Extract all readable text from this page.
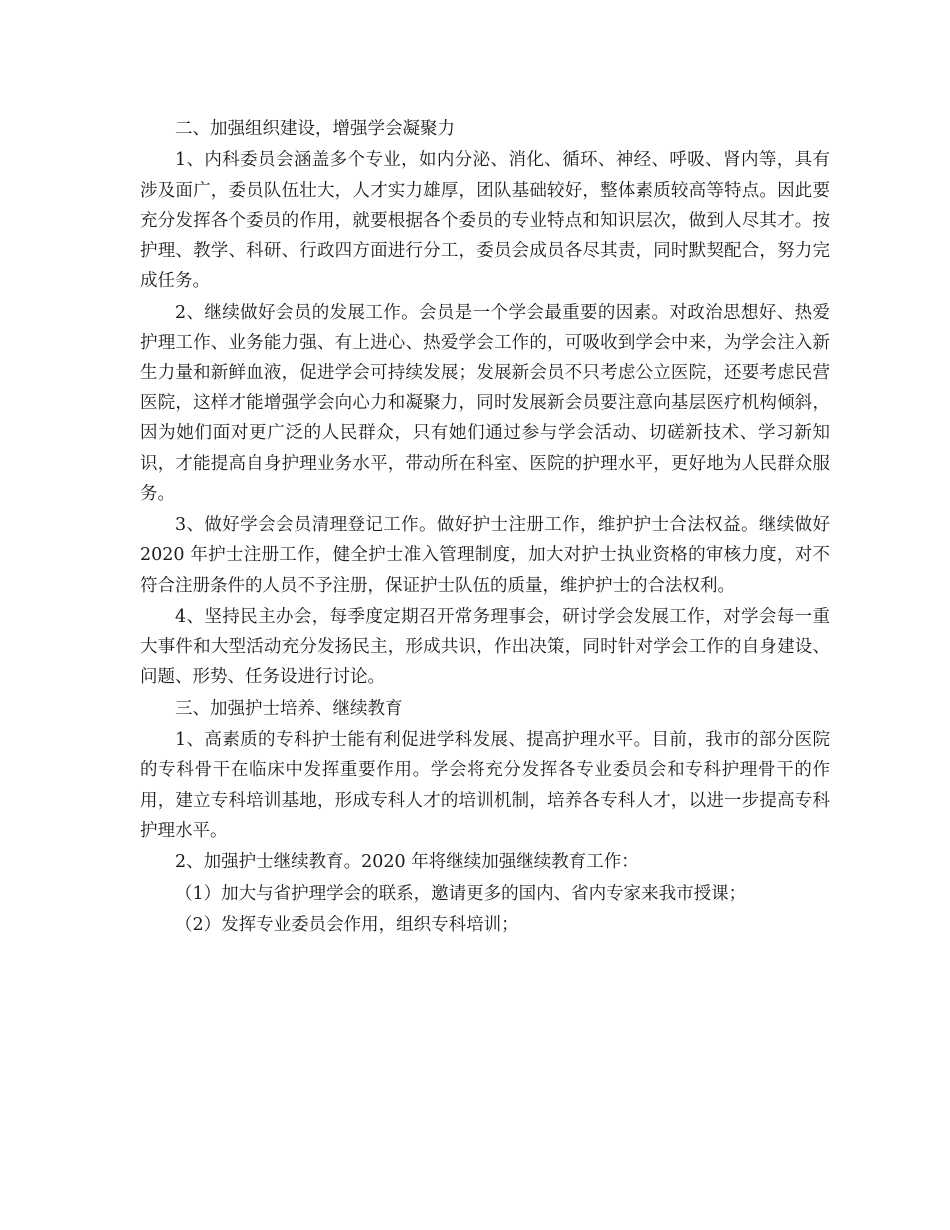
二、加强组织建设，增强学会凝聚力

1、内科委员会涵盖多个专业，如内分泌、消化、循环、神经、呼吸、肾内等，具有涉及面广，委员队伍壮大，人才实力雄厚，团队基础较好，整体素质较高等特点。因此要充分发挥各个委员的作用，就要根据各个委员的专业特点和知识层次，做到人尽其才。按护理、教学、科研、行政四方面进行分工，委员会成员各尽其责，同时默契配合，努力完成任务。

2、继续做好会员的发展工作。会员是一个学会最重要的因素。对政治思想好、热爱护理工作、业务能力强、有上进心、热爱学会工作的，可吸收到学会中来，为学会注入新生力量和新鲜血液，促进学会可持续发展；发展新会员不只考虑公立医院，还要考虑民营医院，这样才能增强学会向心力和凝聚力，同时发展新会员要注意向基层医疗机构倾斜，因为她们面对更广泛的人民群众，只有她们通过参与学会活动、切磋新技术、学习新知识，才能提高自身护理业务水平，带动所在科室、医院的护理水平，更好地为人民群众服务。

3、做好学会会员清理登记工作。做好护士注册工作，维护护士合法权益。继续做好 2020 年护士注册工作，健全护士准入管理制度，加大对护士执业资格的审核力度，对不符合注册条件的人员不予注册，保证护士队伍的质量，维护护士的合法权利。

4、坚持民主办会，每季度定期召开常务理事会，研讨学会发展工作，对学会每一重大事件和大型活动充分发扬民主，形成共识，作出决策，同时针对学会工作的自身建设、问题、形势、任务设进行讨论。

三、加强护士培养、继续教育

1、高素质的专科护士能有利促进学科发展、提高护理水平。目前，我市的部分医院的专科骨干在临床中发挥重要作用。学会将充分发挥各专业委员会和专科护理骨干的作用，建立专科培训基地，形成专科人才的培训机制，培养各专科人才，以进一步提高专科护理水平。

2、加强护士继续教育。2020 年将继续加强继续教育工作：

（1）加大与省护理学会的联系，邀请更多的国内、省内专家来我市授课；

（2）发挥专业委员会作用，组织专科培训；
